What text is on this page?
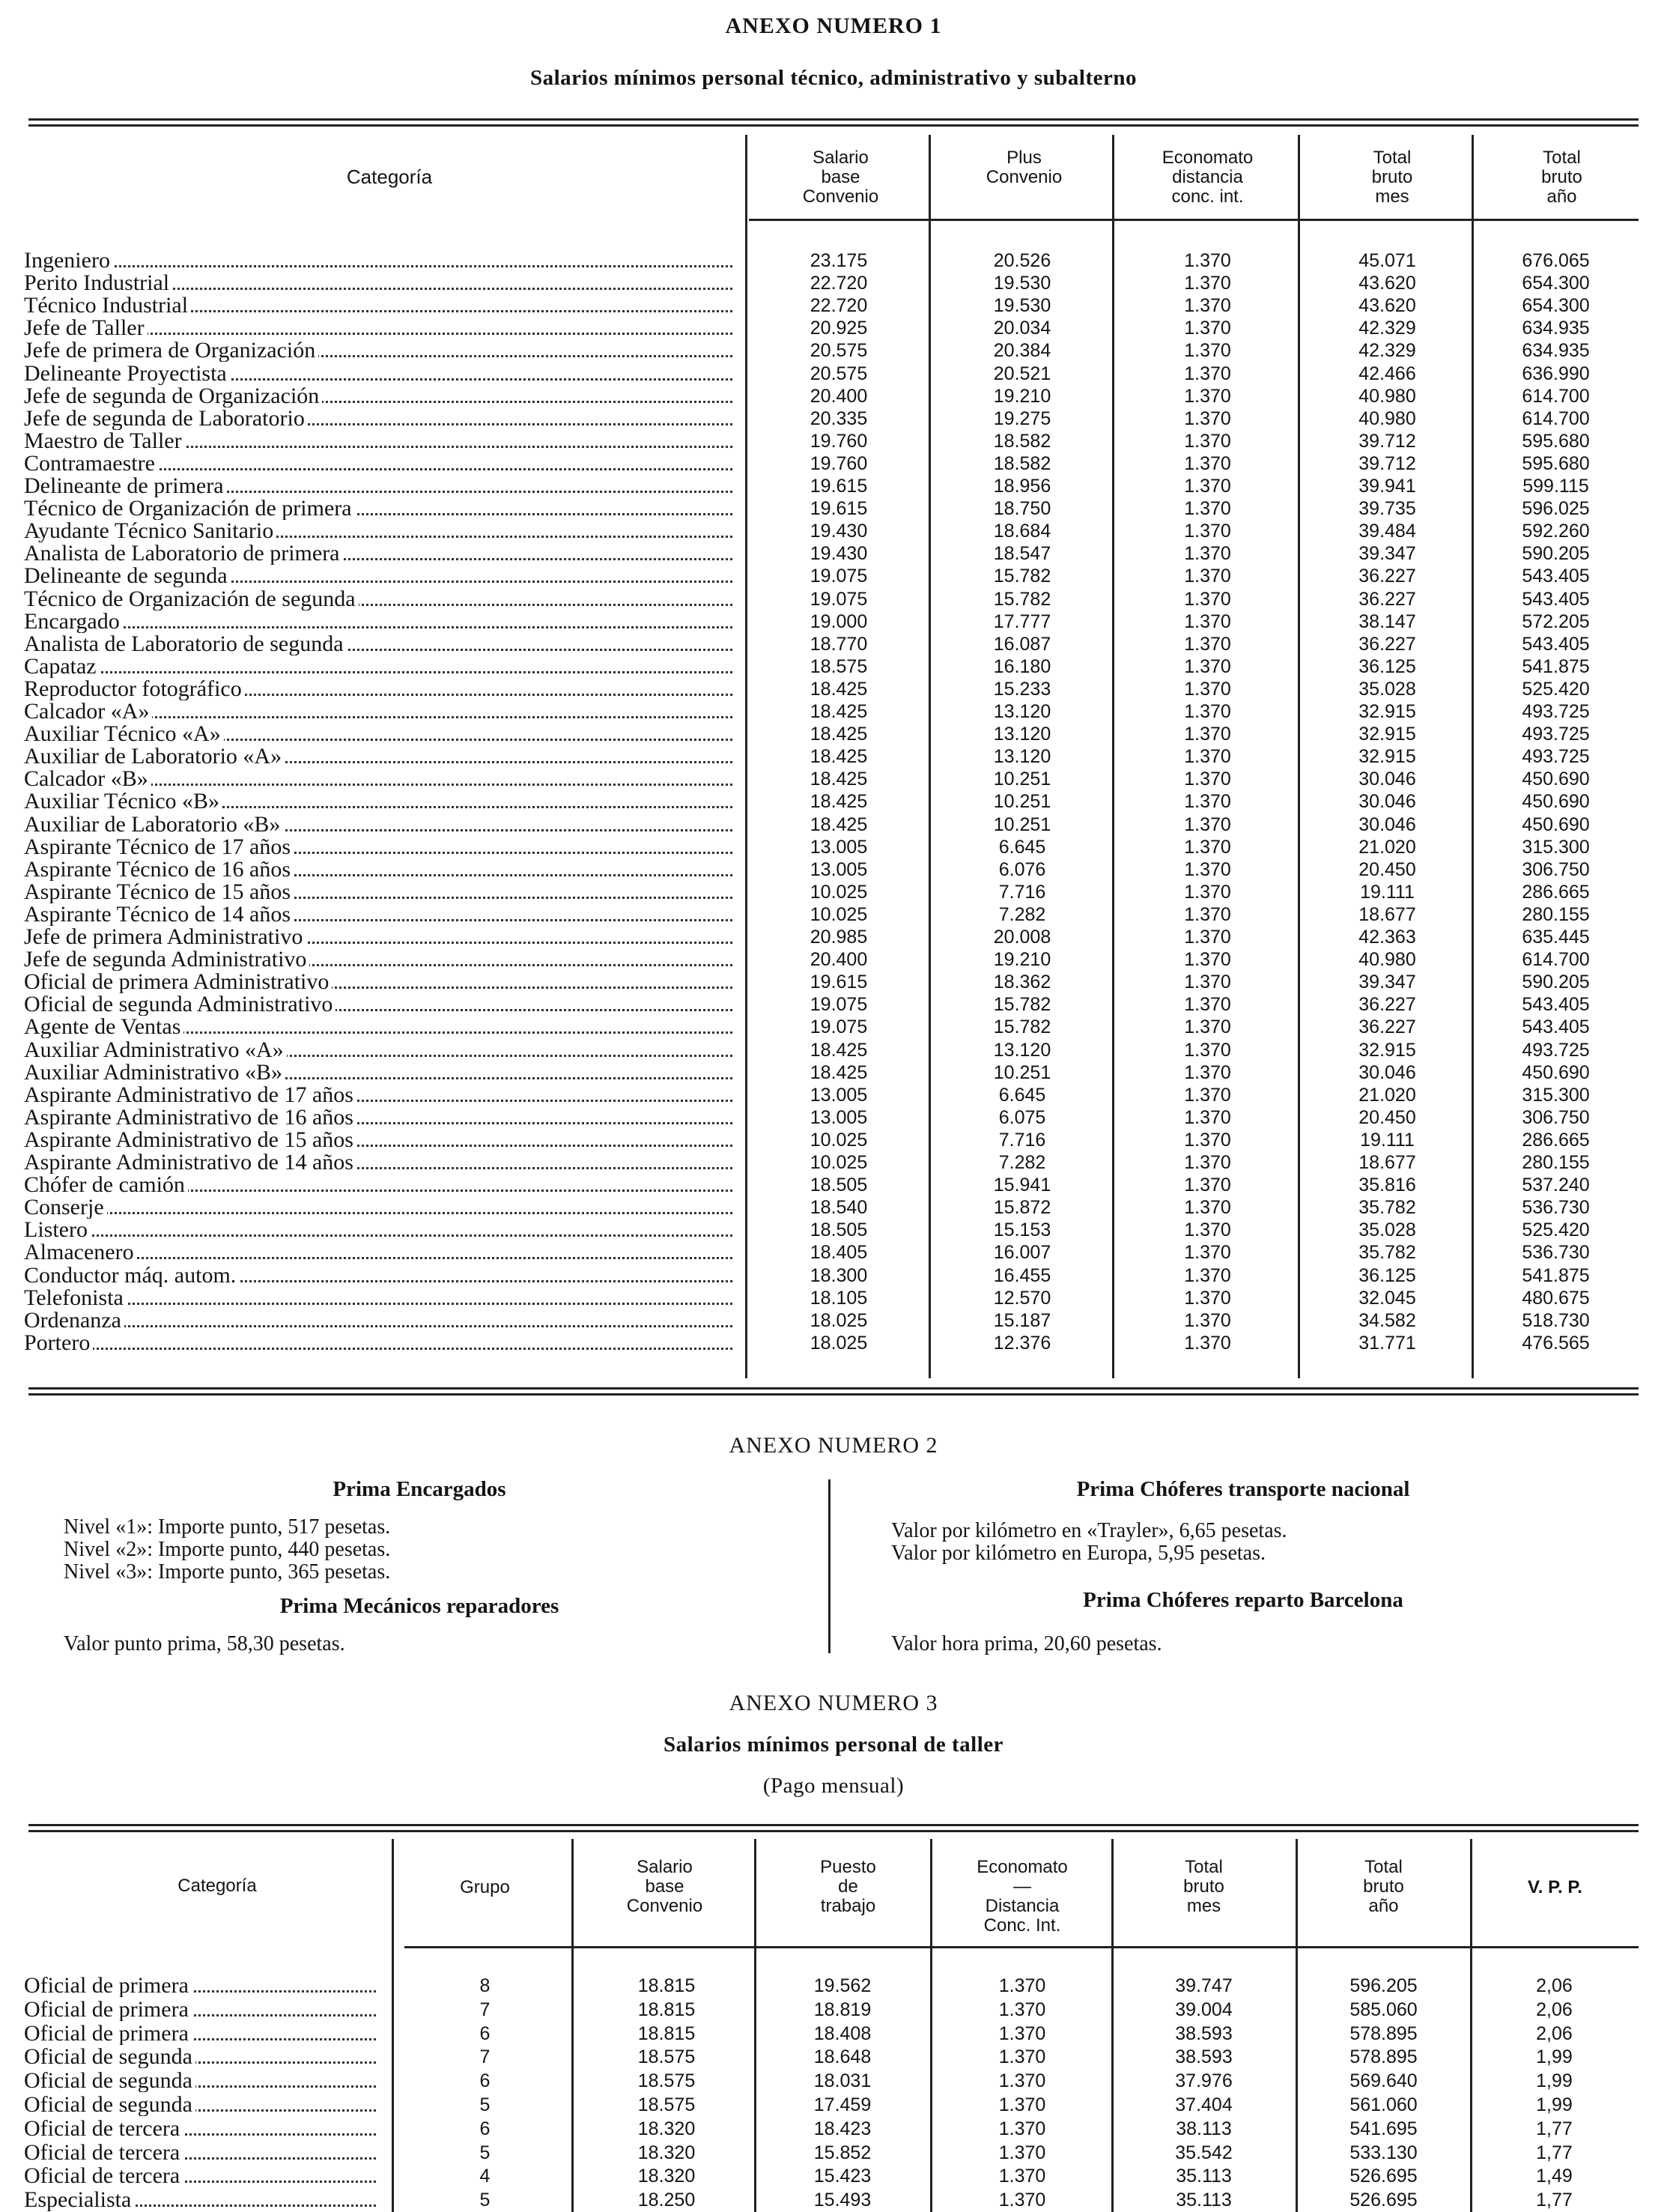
ANEXO NUMERO 1
Salarios mínimos personal técnico, administrativo y subalterno
Categoría
Salario
base
Convenio
Plus
Convenio
Economato
distancia
conc. int.
Total
bruto
mes
Total
bruto
año
Ingeniero	23.175	20.526	1.370	45.071	676.065
Perito Industrial	22.720	19.530	1.370	43.620	654.300
Técnico Industrial	22.720	19.530	1.370	43.620	654.300
Jefe de Taller	20.925	20.034	1.370	42.329	634.935
Jefe de primera de Organización	20.575	20.384	1.370	42.329	634.935
Delineante Proyectista	20.575	20.521	1.370	42.466	636.990
Jefe de segunda de Organización	20.400	19.210	1.370	40.980	614.700
Jefe de segunda de Laboratorio	20.335	19.275	1.370	40.980	614.700
Maestro de Taller	19.760	18.582	1.370	39.712	595.680
Contramaestre	19.760	18.582	1.370	39.712	595.680
Delineante de primera	19.615	18.956	1.370	39.941	599.115
Técnico de Organización de primera	19.615	18.750	1.370	39.735	596.025
Ayudante Técnico Sanitario	19.430	18.684	1.370	39.484	592.260
Analista de Laboratorio de primera	19.430	18.547	1.370	39.347	590.205
Delineante de segunda	19.075	15.782	1.370	36.227	543.405
Técnico de Organización de segunda	19.075	15.782	1.370	36.227	543.405
Encargado	19.000	17.777	1.370	38.147	572.205
Analista de Laboratorio de segunda	18.770	16.087	1.370	36.227	543.405
Capataz	18.575	16.180	1.370	36.125	541.875
Reproductor fotográfico	18.425	15.233	1.370	35.028	525.420
Calcador «A»	18.425	13.120	1.370	32.915	493.725
Auxiliar Técnico «A»	18.425	13.120	1.370	32.915	493.725
Auxiliar de Laboratorio «A»	18.425	13.120	1.370	32.915	493.725
Calcador «B»	18.425	10.251	1.370	30.046	450.690
Auxiliar Técnico «B»	18.425	10.251	1.370	30.046	450.690
Auxiliar de Laboratorio «B»	18.425	10.251	1.370	30.046	450.690
Aspirante Técnico de 17 años	13.005	6.645	1.370	21.020	315.300
Aspirante Técnico de 16 años	13.005	6.076	1.370	20.450	306.750
Aspirante Técnico de 15 años	10.025	7.716	1.370	19.111	286.665
Aspirante Técnico de 14 años	10.025	7.282	1.370	18.677	280.155
Jefe de primera Administrativo	20.985	20.008	1.370	42.363	635.445
Jefe de segunda Administrativo	20.400	19.210	1.370	40.980	614.700
Oficial de primera Administrativo	19.615	18.362	1.370	39.347	590.205
Oficial de segunda Administrativo	19.075	15.782	1.370	36.227	543.405
Agente de Ventas	19.075	15.782	1.370	36.227	543.405
Auxiliar Administrativo «A»	18.425	13.120	1.370	32.915	493.725
Auxiliar Administrativo «B»	18.425	10.251	1.370	30.046	450.690
Aspirante Administrativo de 17 años	13.005	6.645	1.370	21.020	315.300
Aspirante Administrativo de 16 años	13.005	6.075	1.370	20.450	306.750
Aspirante Administrativo de 15 años	10.025	7.716	1.370	19.111	286.665
Aspirante Administrativo de 14 años	10.025	7.282	1.370	18.677	280.155
Chófer de camión	18.505	15.941	1.370	35.816	537.240
Conserje	18.540	15.872	1.370	35.782	536.730
Listero	18.505	15.153	1.370	35.028	525.420
Almacenero	18.405	16.007	1.370	35.782	536.730
Conductor máq. autom.	18.300	16.455	1.370	36.125	541.875
Telefonista	18.105	12.570	1.370	32.045	480.675
Ordenanza	18.025	15.187	1.370	34.582	518.730
Portero	18.025	12.376	1.370	31.771	476.565
ANEXO NUMERO 2
Prima Encargados
Nivel «1»: Importe punto, 517 pesetas.
Nivel «2»: Importe punto, 440 pesetas.
Nivel «3»: Importe punto, 365 pesetas.
Prima Mecánicos reparadores
Valor punto prima, 58,30 pesetas.
Prima Chóferes transporte nacional
Valor por kilómetro en «Trayler», 6,65 pesetas.
Valor por kilómetro en Europa, 5,95 pesetas.
Prima Chóferes reparto Barcelona
Valor hora prima, 20,60 pesetas.
ANEXO NUMERO 3
Salarios mínimos personal de taller
(Pago mensual)
Categoría	Grupo
Salario
base
Convenio
Puesto
de
trabajo
Economato
—
Distancia
Conc. Int.
Total
bruto
mes
Total
bruto
año
V. P. P.
Oficial de primera	8	18.815	19.562	1.370	39.747	596.205	2,06
Oficial de primera	7	18.815	18.819	1.370	39.004	585.060	2,06
Oficial de primera	6	18.815	18.408	1.370	38.593	578.895	2,06
Oficial de segunda	7	18.575	18.648	1.370	38.593	578.895	1,99
Oficial de segunda	6	18.575	18.031	1.370	37.976	569.640	1,99
Oficial de segunda	5	18.575	17.459	1.370	37.404	561.060	1,99
Oficial de tercera	6	18.320	18.423	1.370	38.113	541.695	1,77
Oficial de tercera	5	18.320	15.852	1.370	35.542	533.130	1,77
Oficial de tercera	4	18.320	15.423	1.370	35.113	526.695	1,49
Especialista	5	18.250	15.493	1.370	35.113	526.695	1,77
